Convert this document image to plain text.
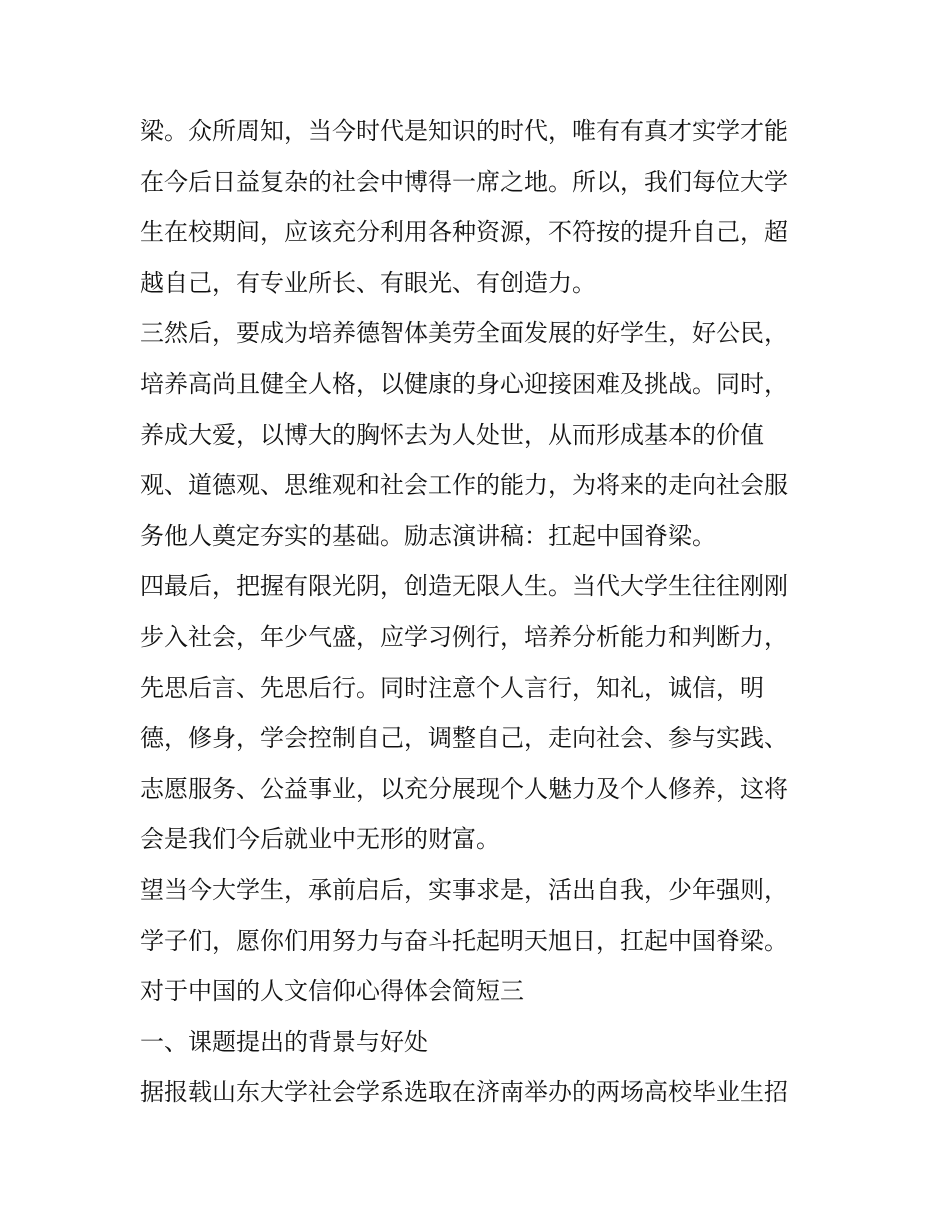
梁。众所周知，当今时代是知识的时代，唯有有真才实学才能
在今后日益复杂的社会中博得一席之地。所以，我们每位大学
生在校期间，应该充分利用各种资源，不符按的提升自己，超
越自己，有专业所长、有眼光、有创造力。
三然后，要成为培养德智体美劳全面发展的好学生，好公民，
培养高尚且健全人格，以健康的身心迎接困难及挑战。同时，
养成大爱，以博大的胸怀去为人处世，从而形成基本的价值
观、道德观、思维观和社会工作的能力，为将来的走向社会服
务他人奠定夯实的基础。励志演讲稿：扛起中国脊梁。
四最后，把握有限光阴，创造无限人生。当代大学生往往刚刚
步入社会，年少气盛，应学习例行，培养分析能力和判断力，
先思后言、先思后行。同时注意个人言行，知礼，诚信，明
德，修身，学会控制自己，调整自己，走向社会、参与实践、
志愿服务、公益事业，以充分展现个人魅力及个人修养，这将
会是我们今后就业中无形的财富。
望当今大学生，承前启后，实事求是，活出自我，少年强则，
学子们，愿你们用努力与奋斗托起明天旭日，扛起中国脊梁。
对于中国的人文信仰心得体会简短三
一、课题提出的背景与好处
据报载山东大学社会学系选取在济南举办的两场高校毕业生招
